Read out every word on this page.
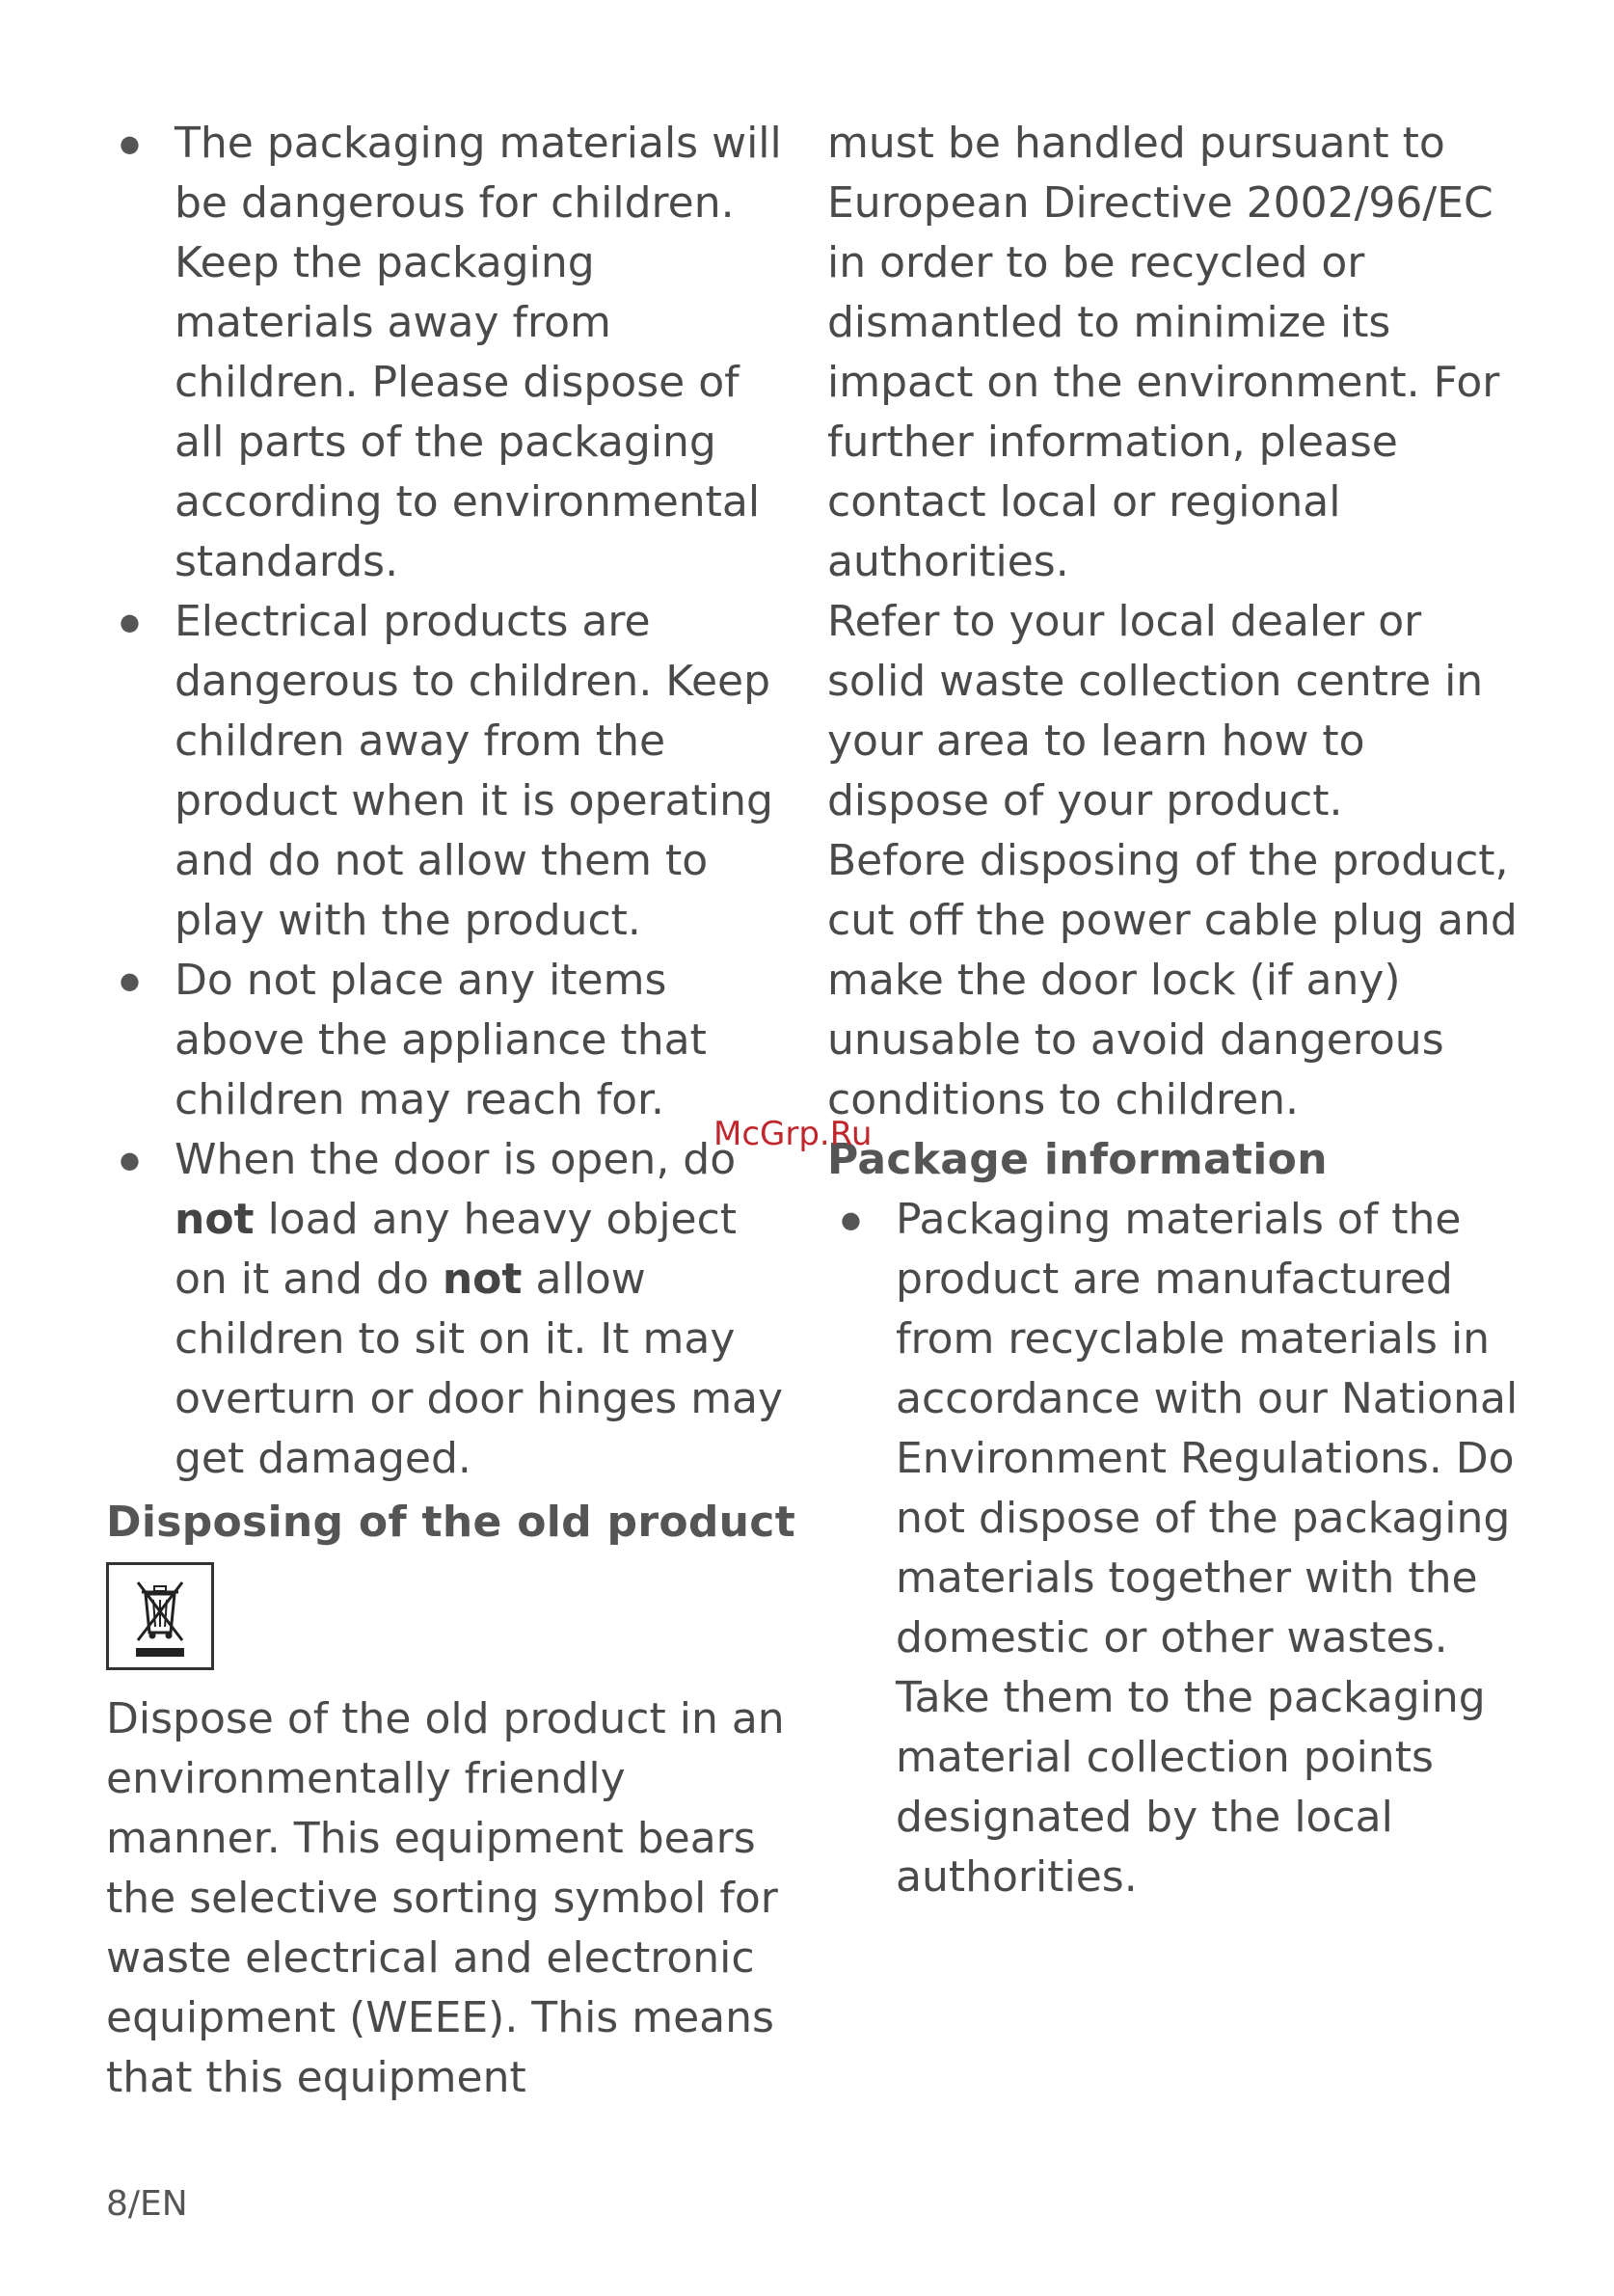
● The packaging materials will be dangerous for children. Keep the packaging materials away from children. Please dispose of all parts of the packaging according to environmental standards.
● Electrical products are dangerous to children. Keep children away from the product when it is operating and do not allow them to play with the product.
● Do not place any items above the appliance that children may reach for.
● When the door is open, do not load any heavy object on it and do not allow children to sit on it. It may overturn or door hinges may get damaged.
Disposing of the old product

Dispose of the old product in an environmentally friendly manner. This equipment bears the selective sorting symbol for waste electrical and electronic equipment (WEEE). This means that this equipment

must be handled pursuant to European Directive 2002/96/EC in order to be recycled or dismantled to minimize its impact on the environment. For further information, please contact local or regional authorities.

Refer to your local dealer or solid waste collection centre in your area to learn how to dispose of your product.

Before disposing of the product, cut off the power cable plug and make the door lock (if any) unusable to avoid dangerous conditions to children.

Package information
● Packaging materials of the product are manufactured from recyclable materials in accordance with our National Environment Regulations. Do not dispose of the packaging materials together with the domestic or other wastes. Take them to the packaging material collection points designated by the local authorities.
McGrp.Ru
8/EN
